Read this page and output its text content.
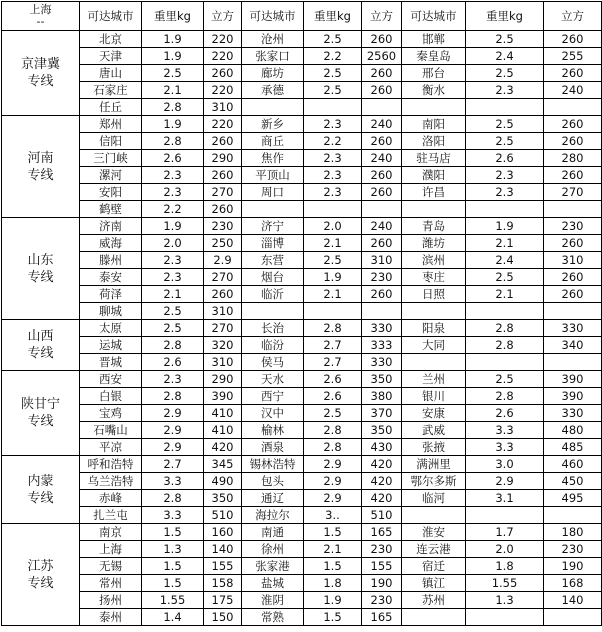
上海
--	可达城市	重里kg	立方	可达城市	重里kg	立方	可达城市	重里kg	立方
京津冀
专线	北京	1.9	220	沧州	2.5	260	邯郸	2.5	260
	天津	1.9	220	张家口	2.2	2560	秦皇岛	2.4	255
	唐山	2.5	260	廊坊	2.5	260	邢台	2.5	260
	石家庄	2.1	220	承德	2.5	260	衡水	2.3	240
	任丘	2.8	310						
河南
专线	郑州	1.9	220	新乡	2.3	240	南阳	2.5	260
	信阳	2.8	260	商丘	2.2	260	洛阳	2.5	260
	三门峡	2.6	290	焦作	2.3	240	驻马店	2.6	280
	漯河	2.3	260	平顶山	2.3	260	濮阳	2.3	260
	安阳	2.3	270	周口	2.3	260	许昌	2.3	270
	鹤壁	2.2	260						
山东
专线	济南	1.9	230	济宁	2.0	240	青岛	1.9	230
	威海	2.0	250	淄博	2.1	260	潍坊	2.1	260
	滕州	2.3	2.9	东营	2.5	310	滨州	2.4	310
	泰安	2.3	270	烟台	1.9	230	枣庄	2.5	260
	荷泽	2.1	260	临沂	2.1	260	日照	2.1	260
	聊城	2.5	310						
山西
专线	太原	2.5	270	长治	2.8	330	阳泉	2.8	330
	运城	2.8	320	临汾	2.7	333	大同	2.8	340
	晋城	2.6	310	侯马	2.7	330			
陕甘宁
专线	西安	2.3	290	天水	2.6	350	兰州	2.5	390
	白银	2.8	390	西宁	2.6	380	银川	2.8	390
	宝鸡	2.9	410	汉中	2.5	370	安康	2.6	330
	石嘴山	2.9	410	榆林	2.8	350	武威	3.3	480
	平凉	2.9	420	酒泉	2.8	430	张掖	3.3	485
内蒙
专线	呼和浩特	2.7	345	锡林浩特	2.9	420	满洲里	3.0	460
	乌兰浩特	3.3	490	包头	2.9	420	鄂尔多斯	2.9	450
	赤峰	2.8	350	通辽	2.9	420	临河	3.1	495
	扎兰屯	3.3	510	海拉尔	3..	510			
江苏
专线	南京	1.5	160	南通	1.5	165	淮安	1.7	180
	上海	1.3	140	徐州	2.1	230	连云港	2.0	230
	无锡	1.5	155	张家港	1.5	155	宿迁	1.8	190
	常州	1.5	158	盐城	1.8	190	镇江	1.55	168
	扬州	1.55	175	淮阴	1.9	230	苏州	1.3	140
	泰州	1.4	150	常熟	1.5	165			
